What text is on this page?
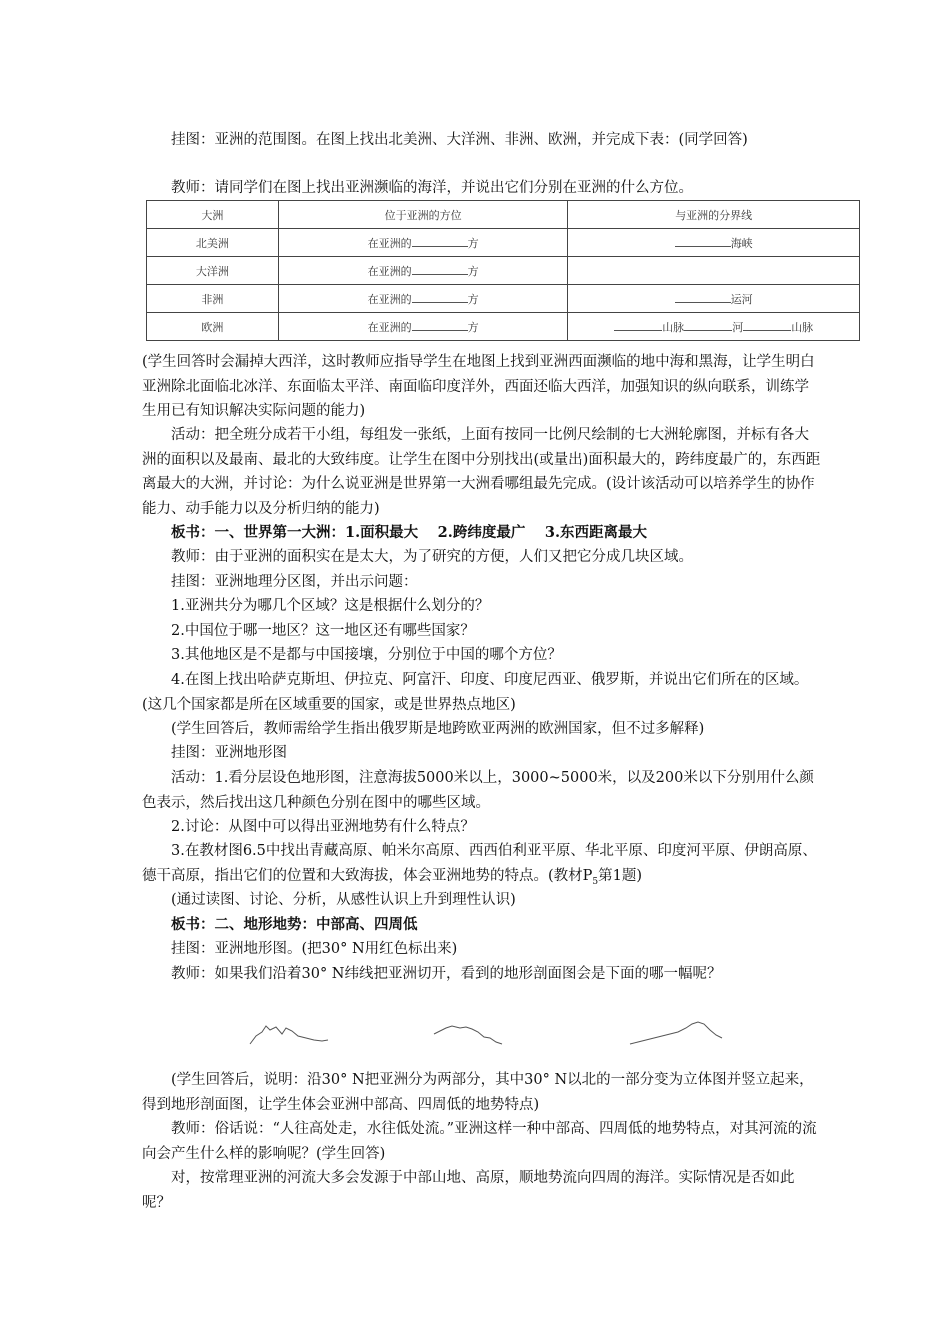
挂图：亚洲的范围图。在图上找出北美洲、大洋洲、非洲、欧洲，并完成下表：(同学回答)

教师：请同学们在图上找出亚洲濒临的海洋，并说出它们分别在亚洲的什么方位。

大洲	位于亚洲的方位	与亚洲的分界线
北美洲	在亚洲的 方	海峡
大洋洲	在亚洲的 方	
非洲	在亚洲的 方	运河
欧洲	在亚洲的 方	山脉 河 山脉

(学生回答时会漏掉大西洋，这时教师应指导学生在地图上找到亚洲西面濒临的地中海和黑海，让学生明白亚洲除北面临北冰洋、东面临太平洋、南面临印度洋外，西面还临大西洋，加强知识的纵向联系，训练学生用已有知识解决实际问题的能力)

活动：把全班分成若干小组，每组发一张纸，上面有按同一比例尺绘制的七大洲轮廓图，并标有各大洲的面积以及最南、最北的大致纬度。让学生在图中分别找出(或量出)面积最大的，跨纬度最广的，东西距离最大的大洲，并讨论：为什么说亚洲是世界第一大洲看哪组最先完成。(设计该活动可以培养学生的协作能力、动手能力以及分析归纳的能力)

板书：一、世界第一大洲：1.面积最大　 2.跨纬度最广　 3.东西距离最大

教师：由于亚洲的面积实在是太大，为了研究的方便，人们又把它分成几块区域。

挂图：亚洲地理分区图，并出示问题：

1.亚洲共分为哪几个区域？这是根据什么划分的？

2.中国位于哪一地区？这一地区还有哪些国家？

3.其他地区是不是都与中国接壤，分别位于中国的哪个方位？

4.在图上找出哈萨克斯坦、伊拉克、阿富汗、印度、印度尼西亚、俄罗斯，并说出它们所在的区域。(这几个国家都是所在区域重要的国家，或是世界热点地区)

(学生回答后，教师需给学生指出俄罗斯是地跨欧亚两洲的欧洲国家，但不过多解释)

挂图：亚洲地形图

活动：1.看分层设色地形图，注意海拔5000米以上，3000~5000米，以及200米以下分别用什么颜色表示，然后找出这几种颜色分别在图中的哪些区域。

2.讨论：从图中可以得出亚洲地势有什么特点？

3.在教材图6.5中找出青藏高原、帕米尔高原、西西伯利亚平原、华北平原、印度河平原、伊朗高原、德干高原，指出它们的位置和大致海拔，体会亚洲地势的特点。(教材$P_5$第1题)

(通过读图、讨论、分析，从感性认识上升到理性认识)

板书：二、地形地势：中部高、四周低

挂图：亚洲地形图。(把30° N用红色标出来)

教师：如果我们沿着30° N纬线把亚洲切开，看到的地形剖面图会是下面的哪一幅呢？

(学生回答后，说明：沿30° N把亚洲分为两部分，其中30° N以北的一部分变为立体图并竖立起来，得到地形剖面图，让学生体会亚洲中部高、四周低的地势特点)

教师：俗话说：“人往高处走，水往低处流。”亚洲这样一种中部高、四周低的地势特点，对其河流的流向会产生什么样的影响呢？(学生回答)

对，按常理亚洲的河流大多会发源于中部山地、高原，顺地势流向四周的海洋。实际情况是否如此呢？
